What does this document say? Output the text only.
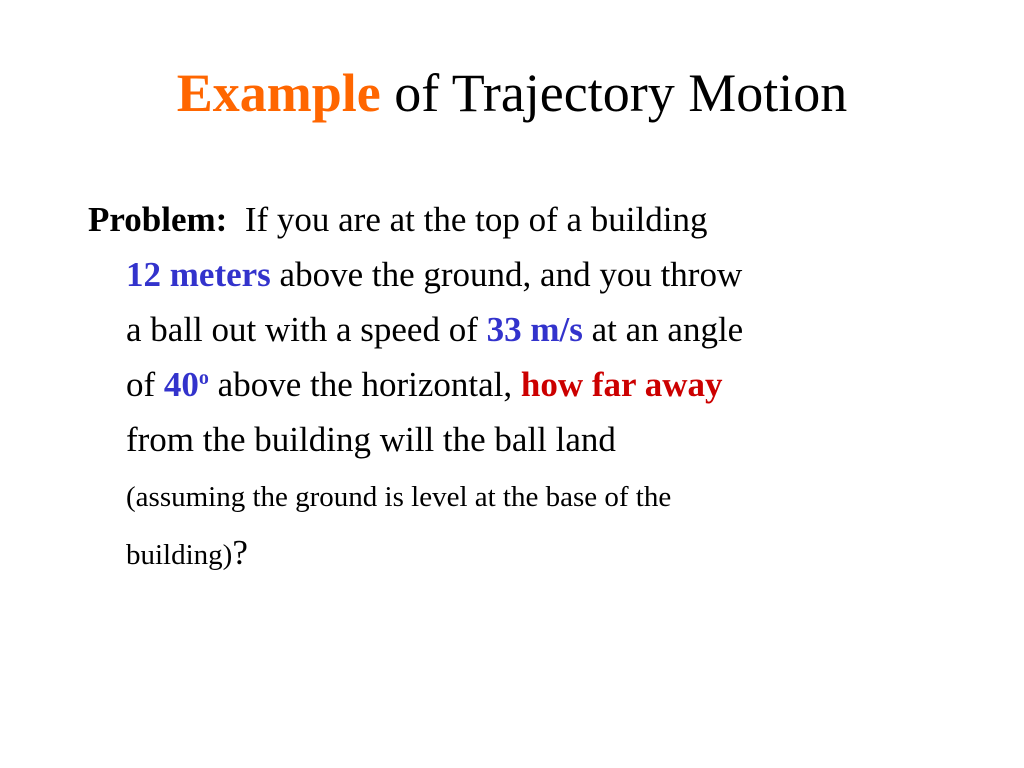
Example of Trajectory Motion
Problem: If you are at the top of a building
12 meters above the ground, and you throw
a ball out with a speed of 33 m/s at an angle
of 40$^o$ above the horizontal, how far away
from the building will the ball land
(assuming the ground is level at the base of the
building)?
